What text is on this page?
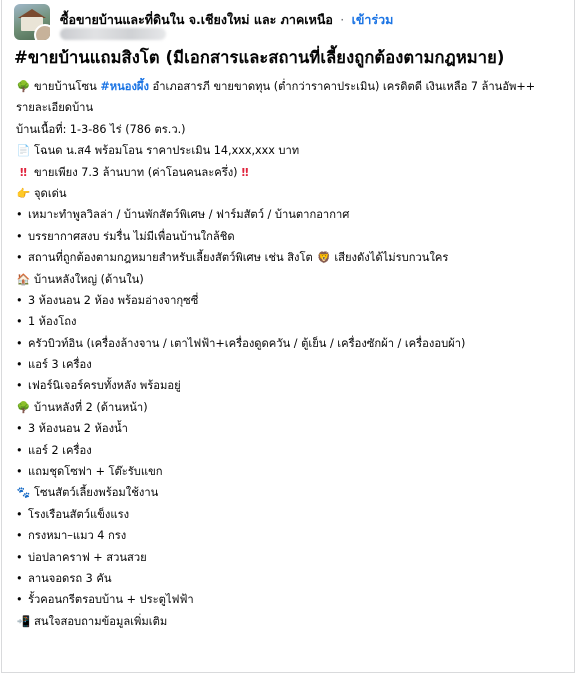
ซื้อขายบ้านและที่ดินใน จ.เชียงใหม่ และ ภาคเหนือ · เข้าร่วม
#ขายบ้านแถมสิงโต (มีเอกสารและสถานที่เลี้ยงถูกต้องตามกฎหมาย)
🌳 ขายบ้านโซน #หนองผึ้ง อำเภอสารภี ขายขาดทุน (ต่ำกว่าราคาประเมิน) เครดิตดี เงินเหลือ 7 ล้านอัพ++
รายละเอียดบ้าน
บ้านเนื้อที่: 1-3-86 ไร่ (786 ตร.ว.)
📄 โฉนด น.ส4 พร้อมโอน ราคาประเมิน 14,xxx,xxx บาท
‼ ขายเพียง 7.3 ล้านบาท (ค่าโอนคนละครึ่ง) ‼
👉 จุดเด่น
• เหมาะทำพูลวิลล่า / บ้านพักสัตว์พิเศษ / ฟาร์มสัตว์ / บ้านตากอากาศ
• บรรยากาศสงบ ร่มรื่น ไม่มีเพื่อนบ้านใกล้ชิด
• สถานที่ถูกต้องตามกฎหมายสำหรับเลี้ยงสัตว์พิเศษ เช่น สิงโต 🦁 เสียงดังได้ไม่รบกวนใคร
🏠 บ้านหลังใหญ่ (ด้านใน)
• 3 ห้องนอน 2 ห้อง พร้อมอ่างจากุซซี่
• 1 ห้องโถง
• ครัวบิวท์อิน (เครื่องล้างจาน / เตาไฟฟ้า+เครื่องดูดควัน / ตู้เย็น / เครื่องซักผ้า / เครื่องอบผ้า)
• แอร์ 3 เครื่อง
• เฟอร์นิเจอร์ครบทั้งหลัง พร้อมอยู่
🌳 บ้านหลังที่ 2 (ด้านหน้า)
• 3 ห้องนอน 2 ห้องน้ำ
• แอร์ 2 เครื่อง
• แถมชุดโซฟา + โต๊ะรับแขก
🐾 โซนสัตว์เลี้ยงพร้อมใช้งาน
• โรงเรือนสัตว์แข็งแรง
• กรงหมา–แมว 4 กรง
• บ่อปลาคราฟ + สวนสวย
• ลานจอดรถ 3 คัน
• รั้วคอนกรีตรอบบ้าน + ประตูไฟฟ้า
📲 สนใจสอบถามข้อมูลเพิ่มเติม
